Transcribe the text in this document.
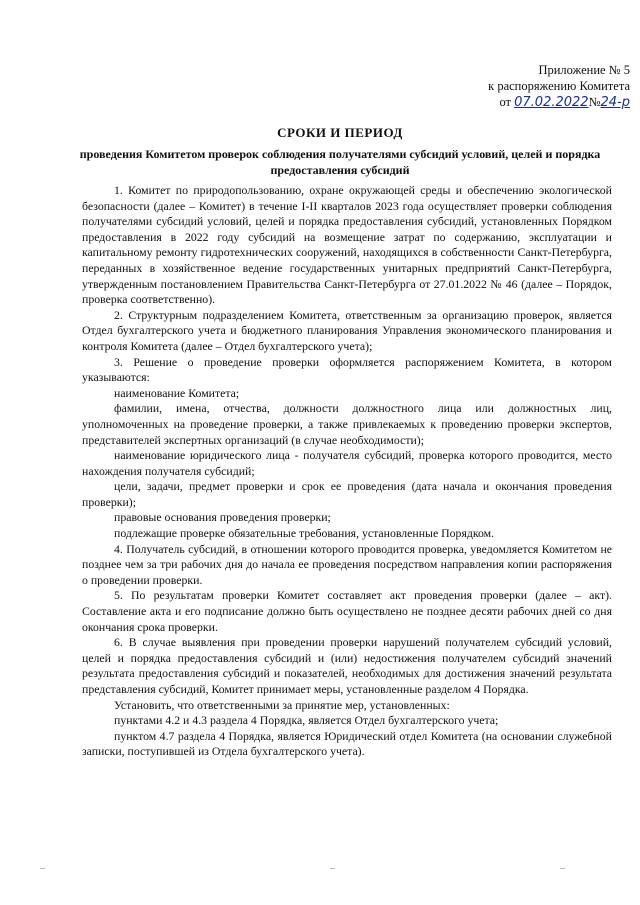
Приложение № 5
к распоряжению Комитета
от 07.02.2022№24-р
СРОКИ И ПЕРИОД
проведения Комитетом проверок соблюдения получателями субсидий условий, целей и порядка предоставления субсидий

1. Комитет по природопользованию, охране окружающей среды и обеспечению экологической безопасности (далее – Комитет) в течение I-II кварталов 2023 года осуществляет проверки соблюдения получателями субсидий условий, целей и порядка предоставления субсидий, установленных Порядком предоставления в 2022 году субсидий на возмещение затрат по содержанию, эксплуатации и капитальному ремонту гидротехнических сооружений, находящихся в собственности Санкт-Петербурга, переданных в хозяйственное ведение государственных унитарных предприятий Санкт-Петербурга, утвержденным постановлением Правительства Санкт-Петербурга от 27.01.2022 № 46 (далее – Порядок, проверка соответственно).

2. Структурным подразделением Комитета, ответственным за организацию проверок, является Отдел бухгалтерского учета и бюджетного планирования Управления экономического планирования и контроля Комитета (далее – Отдел бухгалтерского учета);

3. Решение о проведение проверки оформляется распоряжением Комитета, в котором указываются:

наименование Комитета;

фамилии, имена, отчества, должности должностного лица или должностных лиц, уполномоченных на проведение проверки, а также привлекаемых к проведению проверки экспертов, представителей экспертных организаций (в случае необходимости);

наименование юридического лица - получателя субсидий, проверка которого проводится, место нахождения получателя субсидий;

цели, задачи, предмет проверки и срок ее проведения (дата начала и окончания проведения проверки);

правовые основания проведения проверки;

подлежащие проверке обязательные требования, установленные Порядком.

4. Получатель субсидий, в отношении которого проводится проверка, уведомляется Комитетом не позднее чем за три рабочих дня до начала ее проведения посредством направления копии распоряжения о проведении проверки.

5. По результатам проверки Комитет составляет акт проведения проверки (далее – акт). Составление акта и его подписание должно быть осуществлено не позднее десяти рабочих дней со дня окончания срока проверки.

6. В случае выявления при проведении проверки нарушений получателем субсидий условий, целей и порядка предоставления субсидий и (или) недостижения получателем субсидий значений результата предоставления субсидий и показателей, необходимых для достижения значений результата представления субсидий, Комитет принимает меры, установленные разделом 4 Порядка.

Установить, что ответственными за принятие мер, установленных:

пунктами 4.2 и 4.3 раздела 4 Порядка, является Отдел бухгалтерского учета;

пунктом 4.7 раздела 4 Порядка, является Юридический отдел Комитета (на основании служебной записки, поступившей из Отдела бухгалтерского учета).
